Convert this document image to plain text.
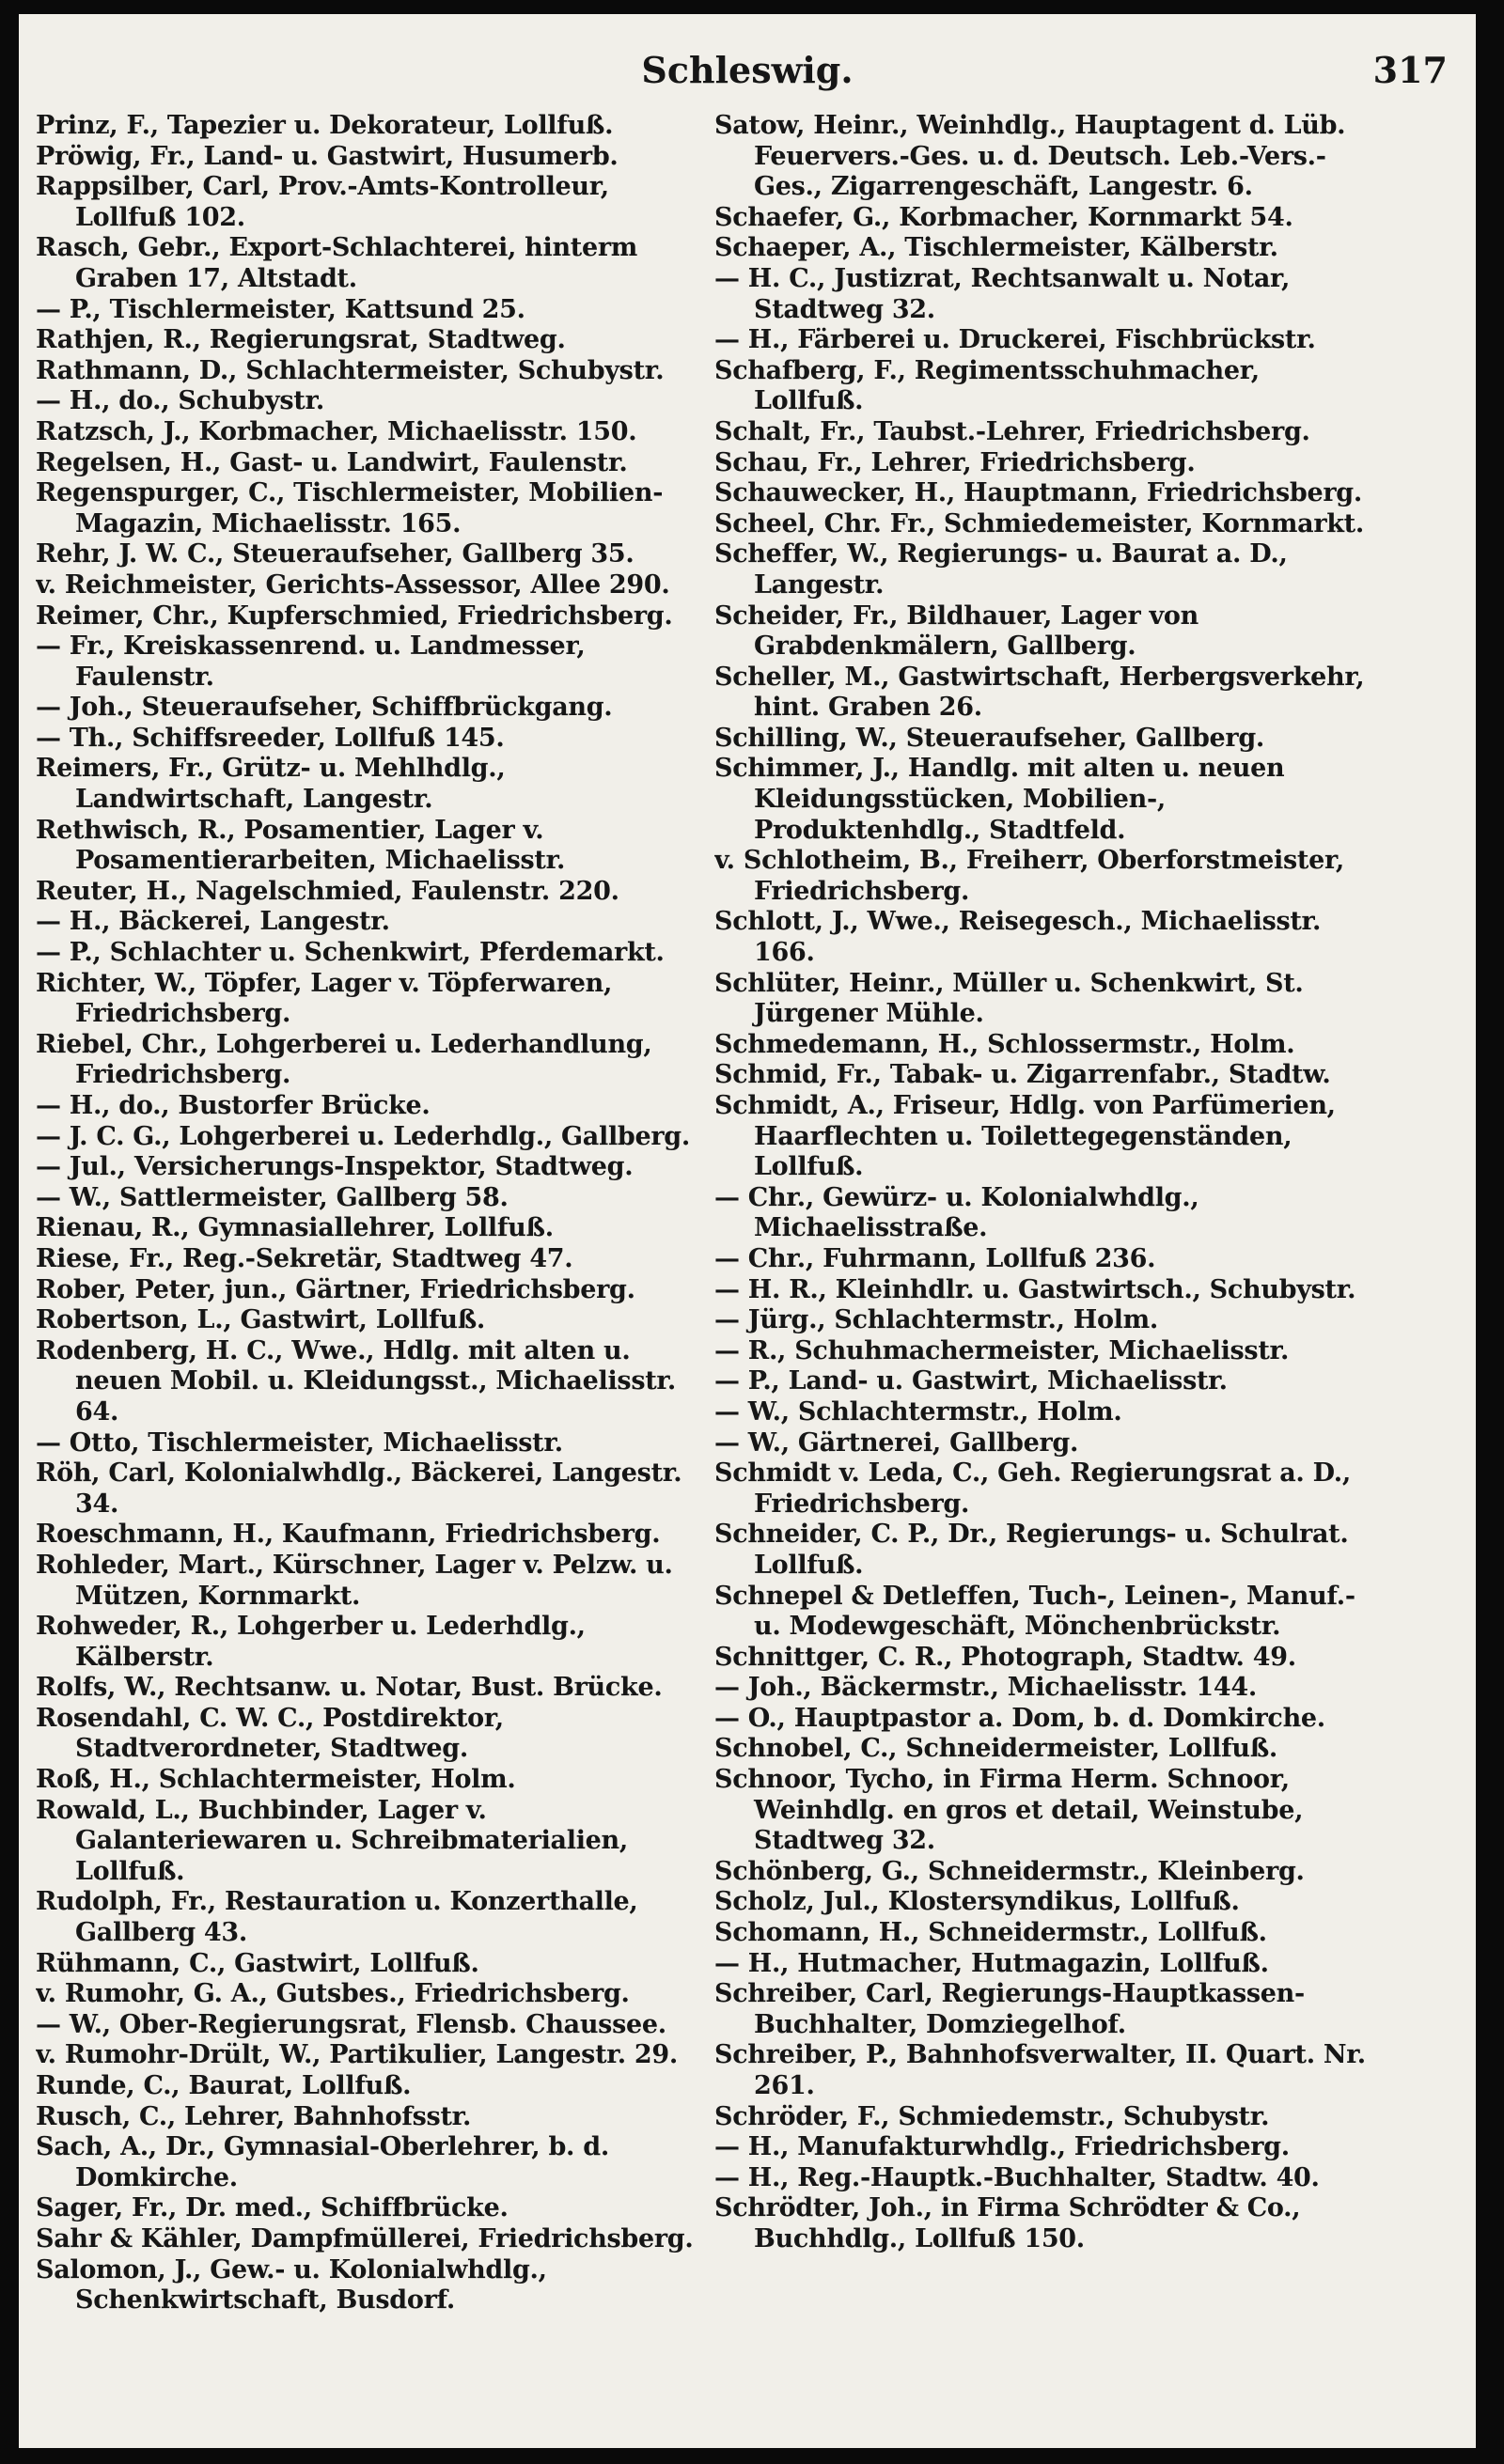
Schleswig.	317

Prinz, F., Tapezier u. Dekorateur, Lollfuß.

Pröwig, Fr., Land- u. Gastwirt, Husumerb.

Rappsilber, Carl, Prov.-Amts-Kontrolleur, Lollfuß 102.

Rasch, Gebr., Export-Schlachterei, hinterm Graben 17, Altstadt.

— P., Tischlermeister, Kattsund 25.

Rathjen, R., Regierungsrat, Stadtweg.

Rathmann, D., Schlachtermeister, Schubystr.

— H., do., Schubystr.

Ratzsch, J., Korbmacher, Michaelisstr. 150.

Regelsen, H., Gast- u. Landwirt, Faulenstr.

Regenspurger, C., Tischlermeister, Mobilien-Magazin, Michaelisstr. 165.

Rehr, J. W. C., Steueraufseher, Gallberg 35.

v. Reichmeister, Gerichts-Assessor, Allee 290.

Reimer, Chr., Kupferschmied, Friedrichsberg.

— Fr., Kreiskassenrend. u. Landmesser, Faulenstr.

— Joh., Steueraufseher, Schiffbrückgang.

— Th., Schiffsreeder, Lollfuß 145.

Reimers, Fr., Grütz- u. Mehlhdlg., Landwirtschaft, Langestr.

Rethwisch, R., Posamentier, Lager v. Posamentierarbeiten, Michaelisstr.

Reuter, H., Nagelschmied, Faulenstr. 220.

— H., Bäckerei, Langestr.

— P., Schlachter u. Schenkwirt, Pferdemarkt.

Richter, W., Töpfer, Lager v. Töpferwaren, Friedrichsberg.

Riebel, Chr., Lohgerberei u. Lederhandlung, Friedrichsberg.

— H., do., Bustorfer Brücke.

— J. C. G., Lohgerberei u. Lederhdlg., Gallberg.

— Jul., Versicherungs-Inspektor, Stadtweg.

— W., Sattlermeister, Gallberg 58.

Rienau, R., Gymnasiallehrer, Lollfuß.

Riese, Fr., Reg.-Sekretär, Stadtweg 47.

Rober, Peter, jun., Gärtner, Friedrichsberg.

Robertson, L., Gastwirt, Lollfuß.

Rodenberg, H. C., Wwe., Hdlg. mit alten u. neuen Mobil. u. Kleidungsst., Michaelisstr. 64.

— Otto, Tischlermeister, Michaelisstr.

Röh, Carl, Kolonialwhdlg., Bäckerei, Langestr. 34.

Roeschmann, H., Kaufmann, Friedrichsberg.

Rohleder, Mart., Kürschner, Lager v. Pelzw. u. Mützen, Kornmarkt.

Rohweder, R., Lohgerber u. Lederhdlg., Kälberstr.

Rolfs, W., Rechtsanw. u. Notar, Bust. Brücke.

Rosendahl, C. W. C., Postdirektor, Stadtverordneter, Stadtweg.

Roß, H., Schlachtermeister, Holm.

Rowald, L., Buchbinder, Lager v. Galanteriewaren u. Schreibmaterialien, Lollfuß.

Rudolph, Fr., Restauration u. Konzerthalle, Gallberg 43.

Rühmann, C., Gastwirt, Lollfuß.

v. Rumohr, G. A., Gutsbes., Friedrichsberg.

— W., Ober-Regierungsrat, Flensb. Chaussee.

v. Rumohr-Drült, W., Partikulier, Langestr. 29.

Runde, C., Baurat, Lollfuß.

Rusch, C., Lehrer, Bahnhofsstr.

Sach, A., Dr., Gymnasial-Oberlehrer, b. d. Domkirche.

Sager, Fr., Dr. med., Schiffbrücke.

Sahr & Kähler, Dampfmüllerei, Friedrichsberg.

Salomon, J., Gew.- u. Kolonialwhdlg., Schenkwirtschaft, Busdorf.

Satow, Heinr., Weinhdlg., Hauptagent d. Lüb. Feuervers.-Ges. u. d. Deutsch. Leb.-Vers.-Ges., Zigarrengeschäft, Langestr. 6.

Schaefer, G., Korbmacher, Kornmarkt 54.

Schaeper, A., Tischlermeister, Kälberstr.

— H. C., Justizrat, Rechtsanwalt u. Notar, Stadtweg 32.

— H., Färberei u. Druckerei, Fischbrückstr.

Schafberg, F., Regimentsschuhmacher, Lollfuß.

Schalt, Fr., Taubst.-Lehrer, Friedrichsberg.

Schau, Fr., Lehrer, Friedrichsberg.

Schauwecker, H., Hauptmann, Friedrichsberg.

Scheel, Chr. Fr., Schmiedemeister, Kornmarkt.

Scheffer, W., Regierungs- u. Baurat a. D., Langestr.

Scheider, Fr., Bildhauer, Lager von Grabdenkmälern, Gallberg.

Scheller, M., Gastwirtschaft, Herbergsverkehr, hint. Graben 26.

Schilling, W., Steueraufseher, Gallberg.

Schimmer, J., Handlg. mit alten u. neuen Kleidungsstücken, Mobilien-, Produktenhdlg., Stadtfeld.

v. Schlotheim, B., Freiherr, Oberforstmeister, Friedrichsberg.

Schlott, J., Wwe., Reisegesch., Michaelisstr. 166.

Schlüter, Heinr., Müller u. Schenkwirt, St. Jürgener Mühle.

Schmedemann, H., Schlossermstr., Holm.

Schmid, Fr., Tabak- u. Zigarrenfabr., Stadtw.

Schmidt, A., Friseur, Hdlg. von Parfümerien, Haarflechten u. Toilettegegenständen, Lollfuß.

— Chr., Gewürz- u. Kolonialwhdlg., Michaelisstraße.

— Chr., Fuhrmann, Lollfuß 236.

— H. R., Kleinhdlr. u. Gastwirtsch., Schubystr.

— Jürg., Schlachtermstr., Holm.

— R., Schuhmachermeister, Michaelisstr.

— P., Land- u. Gastwirt, Michaelisstr.

— W., Schlachtermstr., Holm.

— W., Gärtnerei, Gallberg.

Schmidt v. Leda, C., Geh. Regierungsrat a. D., Friedrichsberg.

Schneider, C. P., Dr., Regierungs- u. Schulrat. Lollfuß.

Schnepel & Detleffen, Tuch-, Leinen-, Manuf.- u. Modewgeschäft, Mönchenbrückstr.

Schnittger, C. R., Photograph, Stadtw. 49.

— Joh., Bäckermstr., Michaelisstr. 144.

— O., Hauptpastor a. Dom, b. d. Domkirche.

Schnobel, C., Schneidermeister, Lollfuß.

Schnoor, Tycho, in Firma Herm. Schnoor, Weinhdlg. en gros et detail, Weinstube, Stadtweg 32.

Schönberg, G., Schneidermstr., Kleinberg.

Scholz, Jul., Klostersyndikus, Lollfuß.

Schomann, H., Schneidermstr., Lollfuß.

— H., Hutmacher, Hutmagazin, Lollfuß.

Schreiber, Carl, Regierungs-Hauptkassen-Buchhalter, Domziegelhof.

Schreiber, P., Bahnhofsverwalter, II. Quart. Nr. 261.

Schröder, F., Schmiedemstr., Schubystr.

— H., Manufakturwhdlg., Friedrichsberg.

— H., Reg.-Hauptk.-Buchhalter, Stadtw. 40.

Schrödter, Joh., in Firma Schrödter & Co., Buchhdlg., Lollfuß 150.
